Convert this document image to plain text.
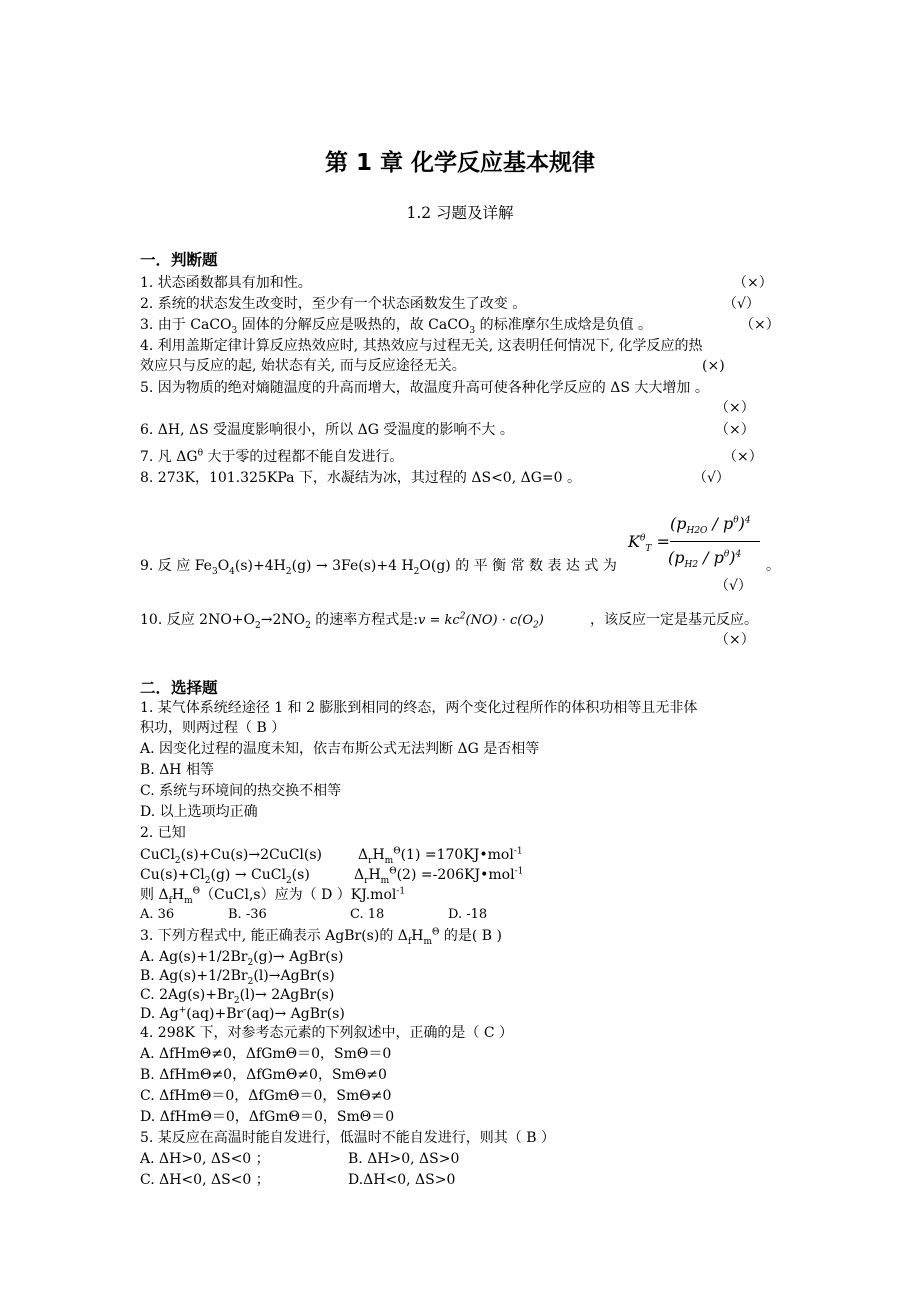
第 1 章 化学反应基本规律
1.2 习题及详解
一．判断题
1. 状态函数都具有加和性。	（×）
2. 系统的状态发生改变时，至少有一个状态函数发生了改变 。	（√）
3. 由于 CaCO$_3$ 固体的分解反应是吸热的，故 CaCO$_3$ 的标准摩尔生成焓是负值 。	（×）
4. 利用盖斯定律计算反应热效应时, 其热效应与过程无关, 这表明任何情况下, 化学反应的热
效应只与反应的起, 始状态有关, 而与反应途径无关。	(×)
5. 因为物质的绝对熵随温度的升高而增大，故温度升高可使各种化学反应的 ΔS 大大增加 。
（×）
6. ΔH, ΔS 受温度影响很小，所以 ΔG 受温度的影响不大 。	（×）
7. 凡 $\Delta G^\theta$ 大于零的过程都不能自发进行。	（×）
8. 273K，101.325KPa 下，水凝结为冰，其过程的 ΔS<0, ΔG=0 。	（√）
$K^\theta_T$ =
$(p_{H2O} / p^\theta)^4$
$(p_{H2} / p^\theta)^4$
9. 反 应 $Fe_3O_4(s)+4H_2(g) \to 3Fe(s)+4$ $H_2O(g)$ 的 平 衡 常 数 表 达 式 为	。
（√）
10. 反应 $2NO+O_2\to 2NO_2$ 的速率方程式是:v = $kc^2(NO) \cdot c(O_2)$	，该反应一定是基元反应。
（×）
二．选择题
1. 某气体系统经途径 1 和 2 膨胀到相同的终态，两个变化过程所作的体积功相等且无非体
积功，则两过程（ B ）
A. 因变化过程的温度未知，依吉布斯公式无法判断 ΔG 是否相等
B. ΔH 相等
C. 系统与环境间的热交换不相等
D. 以上选项均正确
2. 已知
CuCl$_2$(s)+Cu(s)→2CuCl(s)	$\Delta_rH_m^\Theta(1)$ =170KJ•mol$^{-1}$
$Cu(s)+Cl_2(g)$ → CuCl$_2$(s)	$\Delta_rH_m^\Theta(2)$ =-206KJ•mol$^{-1}$
则 $\Delta_fH_m^\Theta(CuCl,s)$应为（ D ）KJ.mol$^{-1}$
A. 36	B. -36	C. 18	D. -18
3. 下列方程式中, 能正确表示 AgBr(s)的 $\Delta_fH_m^\Theta$ 的是( B )
A. $Ag(s)+1/2Br_2(g)\to$ AgBr(s)
B. $Ag(s)+1/2Br_2(l)\to AgBr(s)$
C. $2Ag(s)+Br_2(l)\to$ 2AgBr(s)
D. Ag+(aq)+Br-(aq)→ AgBr(s)
4. 298K 下，对参考态元素的下列叙述中，正确的是（ C ）
A. ΔfHmΘ≠0，ΔfGmΘ＝0，SmΘ＝0
B. ΔfHmΘ≠0，ΔfGmΘ≠0，SmΘ≠0
C. ΔfHmΘ＝0，ΔfGmΘ＝0，SmΘ≠0
D. ΔfHmΘ＝0，ΔfGmΘ＝0，SmΘ＝0
5. 某反应在高温时能自发进行，低温时不能自发进行，则其（ B ）
A. ΔH>0, ΔS<0 ；	B. ΔH>0, ΔS>0
C. ΔH<0, ΔS<0 ；	D.ΔH<0, ΔS>0
